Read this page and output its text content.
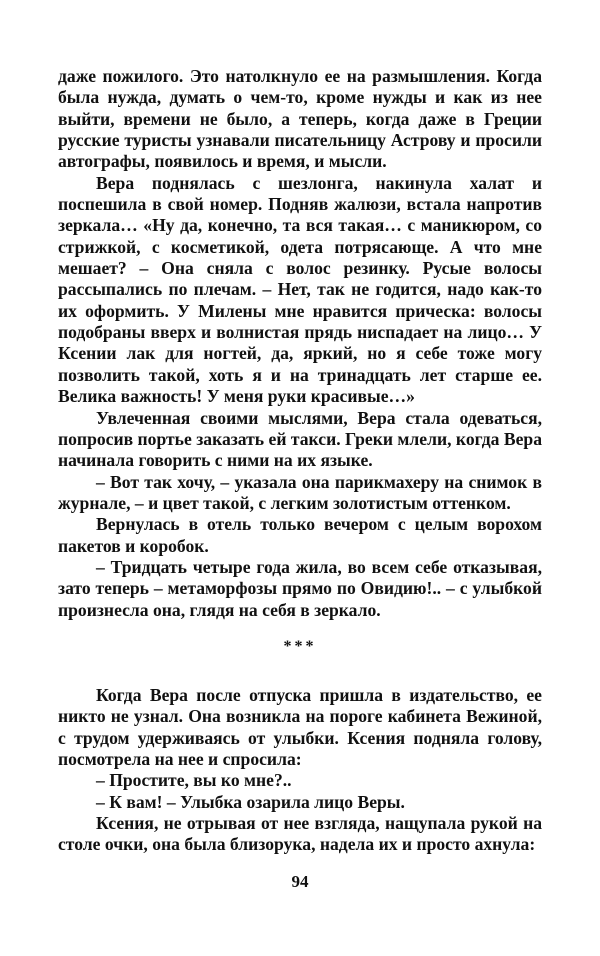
даже пожилого. Это натолкнуло ее на размышления. Когда была нужда, думать о чем-то, кроме нужды и как из нее выйти, времени не было, а теперь, когда даже в Греции русские туристы узнавали писательницу Астрову и просили автографы, появилось и время, и мысли.

Вера поднялась с шезлонга, накинула халат и поспешила в свой номер. Подняв жалюзи, встала напротив зеркала… «Ну да, конечно, та вся такая… с маникюром, со стрижкой, с косметикой, одета потрясающе. А что мне мешает? – Она сняла с волос резинку. Русые волосы рассыпались по плечам. – Нет, так не годится, надо как-то их оформить. У Милены мне нравится прическа: волосы подобраны вверх и волнистая прядь ниспадает на лицо… У Ксении лак для ногтей, да, яркий, но я себе тоже могу позволить такой, хоть я и на тринадцать лет старше ее. Велика важность! У меня руки красивые…»

Увлеченная своими мыслями, Вера стала одеваться, попросив портье заказать ей такси. Греки млели, когда Вера начинала говорить с ними на их языке.

– Вот так хочу, – указала она парикмахеру на снимок в журнале, – и цвет такой, с легким золотистым оттенком.

Вернулась в отель только вечером с целым ворохом пакетов и коробок.

– Тридцать четыре года жила, во всем себе отказывая, зато теперь – метаморфозы прямо по Овидию!.. – с улыбкой произнесла она, глядя на себя в зеркало.

***

Когда Вера после отпуска пришла в издательство, ее никто не узнал. Она возникла на пороге кабинета Вежиной, с трудом удерживаясь от улыбки. Ксения подняла голову, посмотрела на нее и спросила:

– Простите, вы ко мне?..

– К вам! – Улыбка озарила лицо Веры.

Ксения, не отрывая от нее взгляда, нащупала рукой на столе очки, она была близорука, надела их и просто ахнула:

94
